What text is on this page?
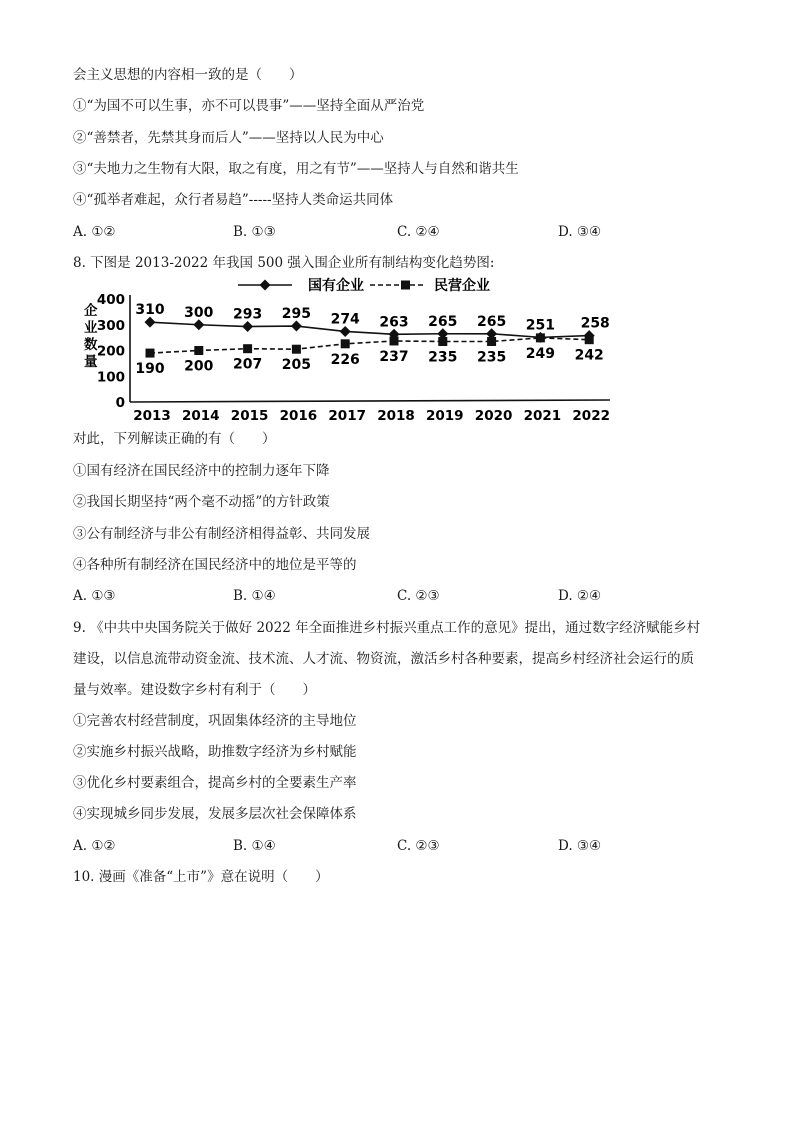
会主义思想的内容相一致的是（　　）
①“为国不可以生事，亦不可以畏事”——坚持全面从严治党
②“善禁者，先禁其身而后人”——坚持以人民为中心
③“夫地力之生物有大限，取之有度，用之有节”——坚持人与自然和谐共生
④“孤举者难起，众行者易趋”-----坚持人类命运共同体
A. ①②	B. ①③	C. ②④	D. ③④
8. 下图是 2013-2022 年我国 500 强入围企业所有制结构变化趋势图:
企
业
数
量
0
100
200
300
400
2013 2014 2015 2016 2017 2018 2019 2020 2021 2022
310 300 293 295 274 263 265 265 251 258
190 200 207 205 226 237 235 235 249 242
国有企业	民营企业
对此，下列解读正确的有（　　）
①国有经济在国民经济中的控制力逐年下降
②我国长期坚持“两个毫不动摇”的方针政策
③公有制经济与非公有制经济相得益彰、共同发展
④各种所有制经济在国民经济中的地位是平等的
A. ①③	B. ①④	C. ②③	D. ②④
9. 《中共中央国务院关于做好 2022 年全面推进乡村振兴重点工作的意见》提出，通过数字经济赋能乡村
建设，以信息流带动资金流、技术流、人才流、物资流，激活乡村各种要素，提高乡村经济社会运行的质
量与效率。建设数字乡村有利于（　　）
①完善农村经营制度，巩固集体经济的主导地位
②实施乡村振兴战略，助推数字经济为乡村赋能
③优化乡村要素组合，提高乡村的全要素生产率
④实现城乡同步发展，发展多层次社会保障体系
A. ①②	B. ①④	C. ②③	D. ③④
10. 漫画《准备“上市”》意在说明（　　）
